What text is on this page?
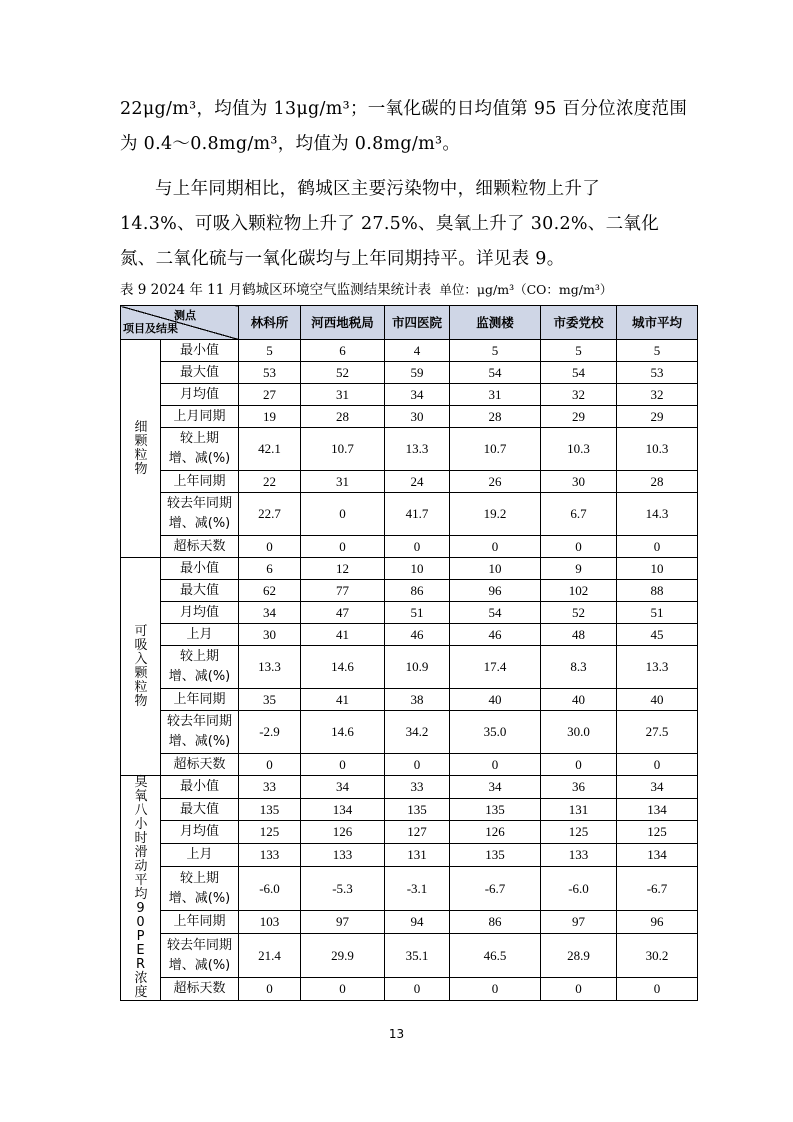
22μg/m³，均值为 13μg/m³；一氧化碳的日均值第 95 百分位浓度范围
为 0.4～0.8mg/m³，均值为 0.8mg/m³。
与上年同期相比，鹤城区主要污染物中，细颗粒物上升了
14.3%、可吸入颗粒物上升了 27.5%、臭氧上升了 30.2%、二氧化
氮、二氧化硫与一氧化碳均与上年同期持平。详见表 9。
表 9 2024 年 11 月鹤城区环境空气监测结果统计表 单位：μg/m³（CO：mg/m³）
测点
项目及结果		林科所	河西地税局	市四医院	监测楼	市委党校	城市平均
细颗粒物	最小值	5	6	4	5	5	5
	最大值	53	52	59	54	54	53
	月均值	27	31	34	31	32	32
	上月同期	19	28	30	28	29	29

	较上期
增、减(%)	42.1	10.7	13.3	10.7	10.3	10.3
	上年同期	22	31	24	26	30	28

	较去年同期
增、减(%)	22.7	0	41.7	19.2	6.7	14.3
	超标天数	0	0	0	0	0	0
可吸入颗粒物	最小值	6	12	10	10	9	10
	最大值	62	77	86	96	102	88
	月均值	34	47	51	54	52	51
	上月	30	41	46	46	48	45

	较上期
增、减(%)	13.3	14.6	10.9	17.4	8.3	13.3
	上年同期	35	41	38	40	40	40

	较去年同期
增、减(%)	-2.9	14.6	34.2	35.0	30.0	27.5
	超标天数	0	0	0	0	0	0
臭氧八小时滑动平均90PER浓度	最小值	33	34	33	34	36	34
	最大值	135	134	135	135	131	134
	月均值	125	126	127	126	125	125
	上月	133	133	131	135	133	134

	较上期
增、减(%)	-6.0	-5.3	-3.1	-6.7	-6.0	-6.7
	上年同期	103	97	94	86	97	96

	较去年同期
增、减(%)	21.4	29.9	35.1	46.5	28.9	30.2
	超标天数	0	0	0	0	0	0
13
